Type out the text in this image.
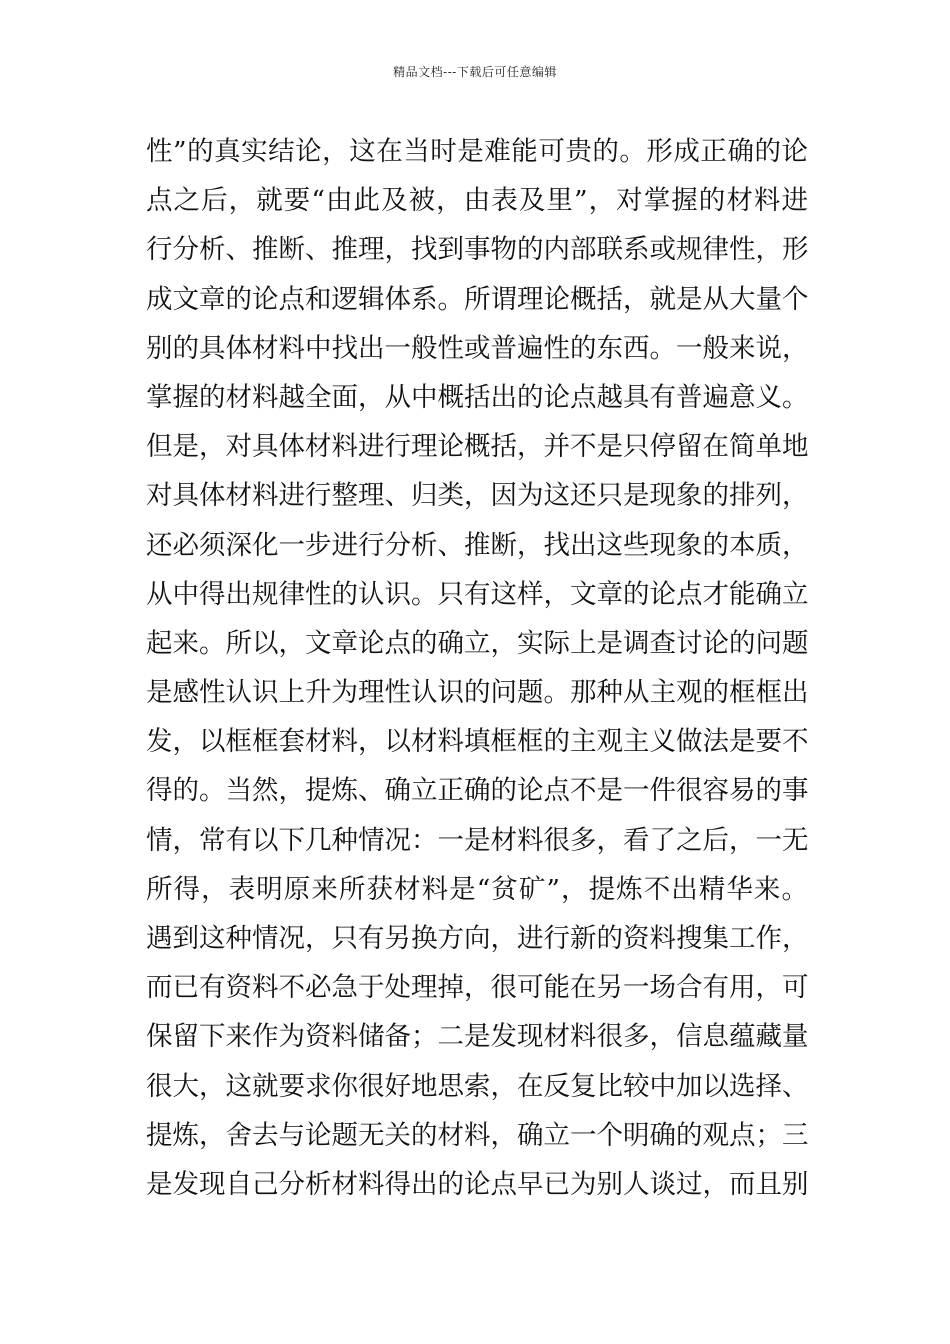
精品文档---下载后可任意编辑
性”的真实结论，这在当时是难能可贵的。形成正确的论
点之后，就要“由此及被，由表及里”，对掌握的材料进
行分析、推断、推理，找到事物的内部联系或规律性，形
成文章的论点和逻辑体系。所谓理论概括，就是从大量个
别的具体材料中找出一般性或普遍性的东西。一般来说，
掌握的材料越全面，从中概括出的论点越具有普遍意义。
但是，对具体材料进行理论概括，并不是只停留在简单地
对具体材料进行整理、归类，因为这还只是现象的排列，
还必须深化一步进行分析、推断，找出这些现象的本质，
从中得出规律性的认识。只有这样，文章的论点才能确立
起来。所以，文章论点的确立，实际上是调查讨论的问题
是感性认识上升为理性认识的问题。那种从主观的框框出
发，以框框套材料，以材料填框框的主观主义做法是要不
得的。当然，提炼、确立正确的论点不是一件很容易的事
情，常有以下几种情况：一是材料很多，看了之后，一无
所得，表明原来所获材料是“贫矿”，提炼不出精华来。
遇到这种情况，只有另换方向，进行新的资料搜集工作，
而已有资料不必急于处理掉，很可能在另一场合有用，可
保留下来作为资料储备；二是发现材料很多，信息蕴藏量
很大，这就要求你很好地思索，在反复比较中加以选择、
提炼，舍去与论题无关的材料，确立一个明确的观点；三
是发现自己分析材料得出的论点早已为别人谈过，而且别
